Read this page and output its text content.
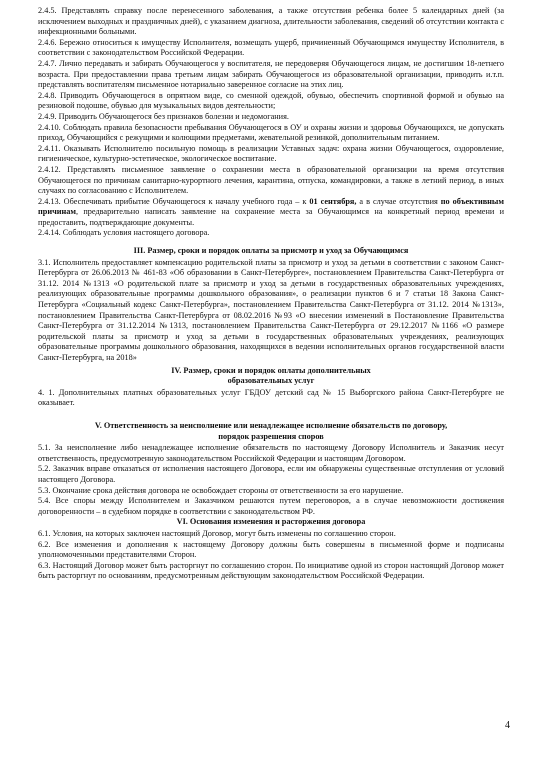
2.4.5. Представлять справку после перенесенного заболевания, а также отсутствия ребенка более 5 календарных дней (за исключением выходных и праздничных дней), с указанием диагноза, длительности заболевания, сведений об отсутствии контакта с инфекционными больными.

2.4.6. Бережно относиться к имуществу Исполнителя, возмещать ущерб, причиненный Обучающимся имуществу Исполнителя, в соответствии с законодательством Российской Федерации.

2.4.7. Лично передавать и забирать Обучающегося у воспитателя, не передоверяя Обучающегося лицам, не достигшим 18-летнего возраста. При предоставлении права третьим лицам забирать Обучающегося из образовательной организации, приводить и.т.п. представлять воспитателям письменное нотариально заверенное согласие на этих лиц.

2.4.8. Приводить Обучающегося в опрятном виде, со сменной одеждой, обувью, обеспечить спортивной формой и обувью на резиновой подошве, обувью для музыкальных видов деятельности;

2.4.9. Приводить Обучающегося без признаков болезни и недомогания.

2.4.10. Соблюдать правила безопасности пребывания Обучающегося в ОУ и охраны жизни и здоровья Обучающихся, не допускать приход, Обучающийся с режущими и колющими предметами, жевательной резинкой, дополнительным питанием.

2.4.11. Оказывать Исполнителю посильную помощь в реализации Уставных задач: охрана жизни Обучающегося, оздоровление, гигиеническое, культурно-эстетическое, экологическое воспитание.

2.4.12. Представлять письменное заявление о сохранении места в образовательной организации на время отсутствия Обучающегося по причинам санитарно-курортного лечения, карантина, отпуска, командировки, а также в летний период, в иных случаях по согласованию с Исполнителем.

2.4.13. Обеспечивать прибытие Обучающегося к началу учебного года – к 01 сентября, а в случае отсутствия по объективным причинам, предварительно написать заявление на сохранение места за Обучающимся на конкретный период времени и предоставить, подтверждающие документы.

2.4.14. Соблюдать условия настоящего договора.

III. Размер, сроки и порядок оплаты за присмотр и уход за Обучающимся

3.1. Исполнитель предоставляет компенсацию родительской платы за присмотр и уход за детьми в соответствии с законом Санкт-Петербурга от 26.06.2013 № 461-83 «Об образовании в Санкт-Петербурге», постановлением Правительства Санкт-Петербурга от 31.12. 2014 №1313 «О родительской плате за присмотр и уход за детьми в государственных образовательных учреждениях, реализующих образовательные программы дошкольного образования», о реализации пунктов 6 и 7 статьи 18 Закона Санкт-Петербурга «Социальный кодекс Санкт-Петербурга», постановлением Правительства Санкт-Петербурга от 31.12. 2014 №1313», постановлением Правительства Санкт-Петербурга от 08.02.2016 №93 «О внесении изменений в Постановление Правительства Санкт-Петербурга от 31.12.2014 №1313, постановлением Правительства Санкт-Петербурга от 29.12.2017 №1166 «О размере родительской платы за присмотр и уход за детьми в государственных образовательных учреждениях, реализующих образовательные программы дошкольного образования, находящихся в ведении исполнительных органов государственной власти Санкт-Петербурга, на 2018»

IV. Размер, сроки и порядок оплаты дополнительных
образовательных услуг

4. 1. Дополнительных платных образовательных услуг ГБДОУ детский сад № 15 Выборгского района Санкт-Петербурге не оказывает.

V. Ответственность за неисполнение или ненадлежащее исполнение обязательств по договору,
порядок разрешения споров

5.1. За неисполнение либо ненадлежащее исполнение обязательств по настоящему Договору Исполнитель и Заказчик несут ответственность, предусмотренную законодательством Российской Федерации и настоящим Договором.

5.2. Заказчик вправе отказаться от исполнения настоящего Договора, если им обнаружены существенные отступления от условий настоящего Договора.

5.3. Окончание срока действия договора не освобождает стороны от ответственности за его нарушение.

5.4. Все споры между Исполнителем и Заказчиком решаются путем переговоров, а в случае невозможности достижения договоренности – в судебном порядке в соответствии с законодательством РФ.

VI. Основания изменения и расторжения договора

6.1. Условия, на которых заключен настоящий Договор, могут быть изменены по соглашению сторон.

6.2. Все изменения и дополнения к настоящему Договору должны быть совершены в письменной форме и подписаны уполномоченными представителями Сторон.

6.3. Настоящий Договор может быть расторгнут по соглашению сторон. По инициативе одной из сторон настоящий Договор может быть расторгнут по основаниям, предусмотренным действующим законодательством Российской Федерации.

4
